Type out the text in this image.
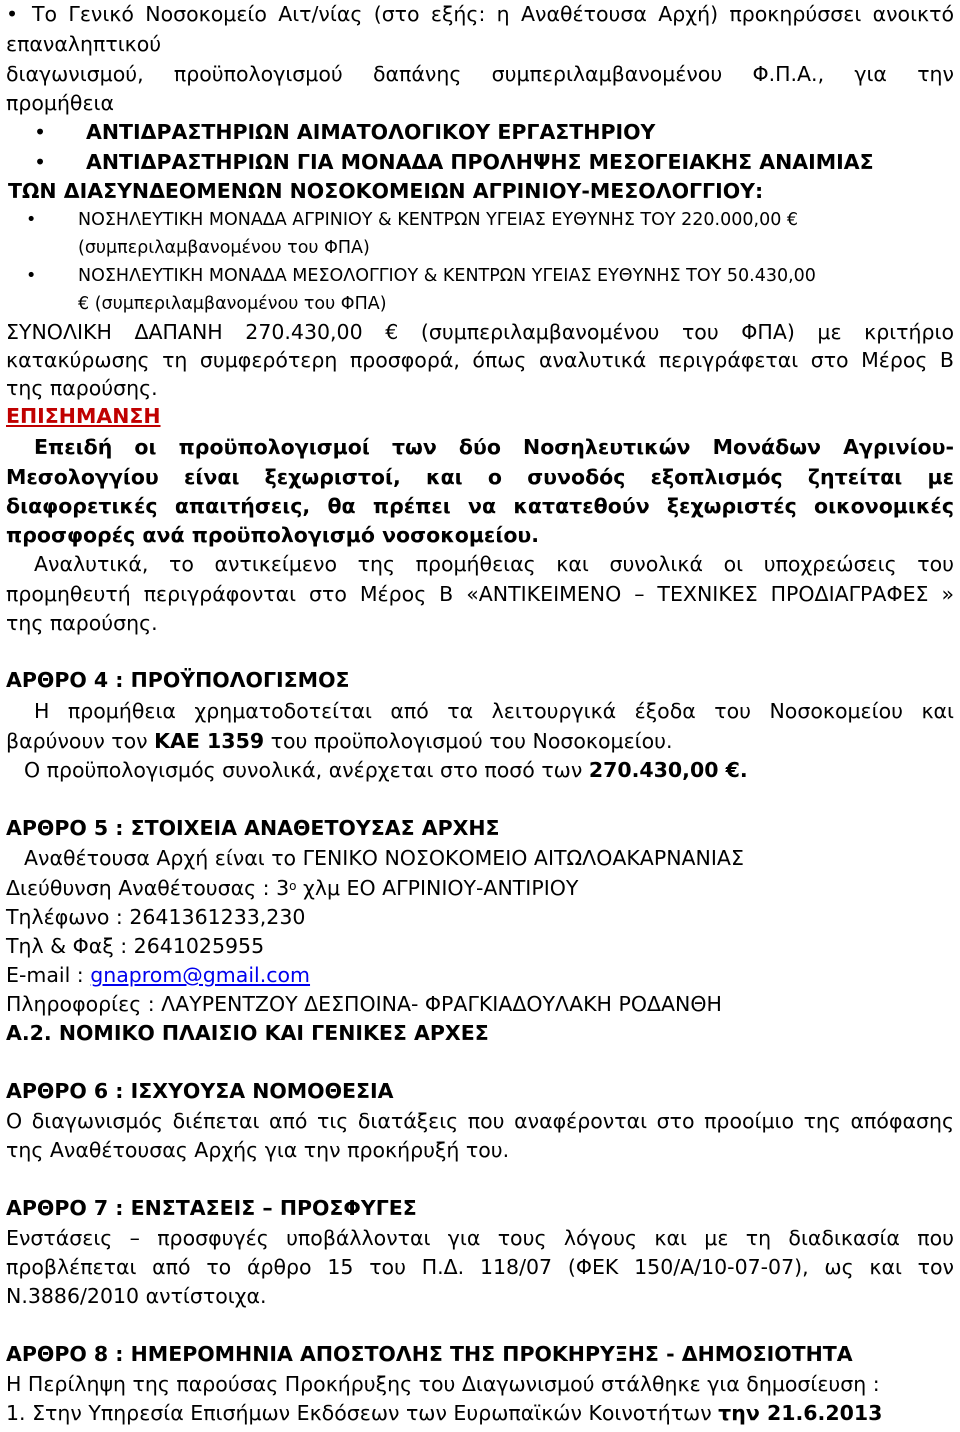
• Το Γενικό Νοσοκομείο Αιτ/νίας (στο εξής: η Αναθέτουσα Αρχή) προκηρύσσει ανοικτό
επαναληπτικού
διαγωνισμού, προϋπολογισμού δαπάνης συμπεριλαμβανομένου Φ.Π.Α., για την
προμήθεια
• ΑΝΤΙΔΡΑΣΤΗΡΙΩΝ ΑΙΜΑΤΟΛΟΓΙΚΟΥ ΕΡΓΑΣΤΗΡΙΟΥ
• ΑΝΤΙΔΡΑΣΤΗΡΙΩΝ ΓΙΑ ΜΟΝΑΔΑ ΠΡΟΛΗΨΗΣ ΜΕΣΟΓΕΙΑΚΗΣ ΑΝΑΙΜΙΑΣ
ΤΩΝ ΔΙΑΣΥΝΔΕΟΜΕΝΩΝ ΝΟΣΟΚΟΜΕΙΩΝ ΑΓΡΙΝΙΟΥ-ΜΕΣΟΛΟΓΓΙΟΥ:
• ΝΟΣΗΛΕΥΤΙΚΗ ΜΟΝΑΔΑ ΑΓΡΙΝΙΟΥ & ΚΕΝΤΡΩΝ ΥΓΕΙΑΣ ΕΥΘΥΝΗΣ ΤΟΥ 220.000,00 €
(συμπεριλαμβανομένου του ΦΠΑ)
• ΝΟΣΗΛΕΥΤΙΚΗ ΜΟΝΑΔΑ ΜΕΣΟΛΟΓΓΙΟΥ & ΚΕΝΤΡΩΝ ΥΓΕΙΑΣ ΕΥΘΥΝΗΣ ΤΟΥ 50.430,00
€ (συμπεριλαμβανομένου του ΦΠΑ)
ΣΥΝΟΛΙΚΗ ΔΑΠΑΝΗ 270.430,00 € (συμπεριλαμβανομένου του ΦΠΑ) με κριτήριο
κατακύρωσης τη συμφερότερη προσφορά, όπως αναλυτικά περιγράφεται στο Μέρος Β
της παρούσης.
ΕΠΙΣΗΜΑΝΣΗ
• Επειδή οι προϋπολογισμοί των δύο Νοσηλευτικών Μονάδων Αγρινίου-
Μεσολογγίου είναι ξεχωριστοί, και ο συνοδός εξοπλισμός ζητείται με
διαφορετικές απαιτήσεις, θα πρέπει να κατατεθούν ξεχωριστές οικονομικές
προσφορές ανά προϋπολογισμό νοσοκομείου.
• Αναλυτικά, το αντικείμενο της προμήθειας και συνολικά οι υποχρεώσεις του
προμηθευτή περιγράφονται στο Μέρος Β «ΑΝΤΙΚΕΙΜΕΝΟ – ΤΕΧΝΙΚΕΣ ΠΡΟΔΙΑΓΡΑΦΕΣ »
της παρούσης.
ΑΡΘΡΟ 4 : ΠΡΟΫΠΟΛΟΓΙΣΜΟΣ
• Η προμήθεια χρηματοδοτείται από τα λειτουργικά έξοδα του Νοσοκομείου και
βαρύνουν τον ΚΑΕ 1359 του προϋπολογισμού του Νοσοκομείου.
• Ο προϋπολογισμός συνολικά, ανέρχεται στο ποσό των 270.430,00 €.
ΑΡΘΡΟ 5 : ΣΤΟΙΧΕΙΑ ΑΝΑΘΕΤΟΥΣΑΣ ΑΡΧΗΣ
• Αναθέτουσα Αρχή είναι το ΓΕΝΙΚΟ ΝΟΣΟΚΟΜΕΙΟ ΑΙΤΩΛΟΑΚΑΡΝΑΝΙΑΣ
Διεύθυνση Αναθέτουσας : $3^o$ χλμ ΕΟ ΑΓΡΙΝΙΟΥ-ΑΝΤΙΡΙΟΥ
Τηλέφωνο : 2641361233,230
Τηλ & Φαξ : 2641025955
E-mail : gnaprom@gmail.com
Πληροφορίες : ΛΑΥΡΕΝΤΖΟΥ ΔΕΣΠΟΙΝΑ- ΦΡΑΓΚΙΑΔΟΥΛΑΚΗ ΡΟΔΑΝΘΗ
Α.2. ΝΟΜΙΚΟ ΠΛΑΙΣΙΟ ΚΑΙ ΓΕΝΙΚΕΣ ΑΡΧΕΣ
ΑΡΘΡΟ 6 : ΙΣΧΥΟΥΣΑ ΝΟΜΟΘΕΣΙΑ
Ο διαγωνισμός διέπεται από τις διατάξεις που αναφέρονται στο προοίμιο της απόφασης
της Αναθέτουσας Αρχής για την προκήρυξή του.
ΑΡΘΡΟ 7 : ΕΝΣΤΑΣΕΙΣ – ΠΡΟΣΦΥΓΕΣ
Ενστάσεις – προσφυγές υποβάλλονται για τους λόγους και με τη διαδικασία που
προβλέπεται από το άρθρο 15 του Π.Δ. 118/07 (ΦΕΚ 150/Α/10-07-07), ως και τον
Ν.3886/2010 αντίστοιχα.
ΑΡΘΡΟ 8 : ΗΜΕΡΟΜΗΝΙΑ ΑΠΟΣΤΟΛΗΣ ΤΗΣ ΠΡΟΚΗΡΥΞΗΣ - ΔΗΜΟΣΙΟΤΗΤΑ
Η Περίληψη της παρούσας Προκήρυξης του Διαγωνισμού στάλθηκε για δημοσίευση :
1. Στην Υπηρεσία Επισήμων Εκδόσεων των Ευρωπαϊκών Κοινοτήτων την 21.6.2013
